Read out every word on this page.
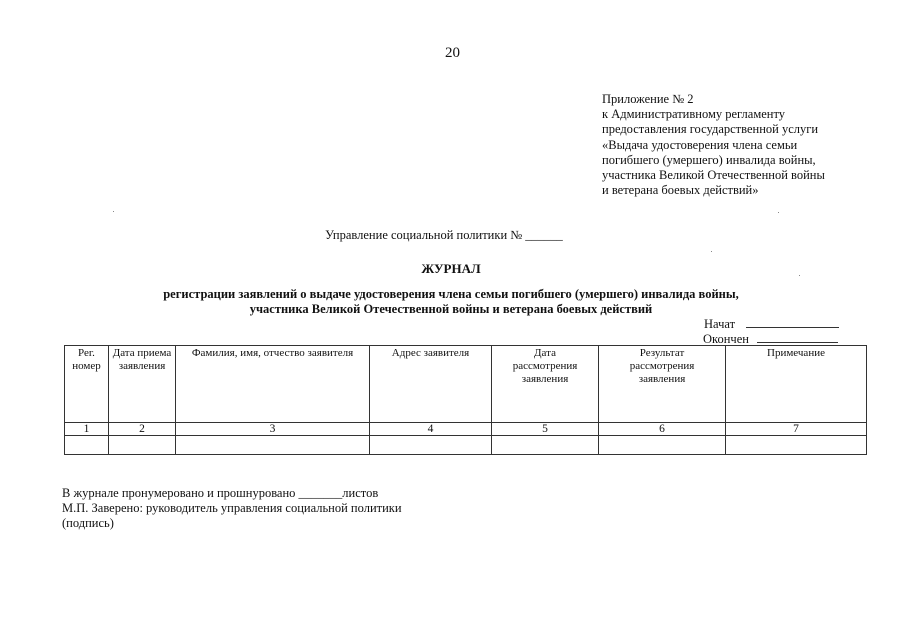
20
Приложение № 2
к Административному регламенту
предоставления государственной услуги
«Выдача удостоверения члена семьи
погибшего (умершего) инвалида войны,
участника Великой Отечественной войны
и ветерана боевых действий»
Управление социальной политики № ______
ЖУРНАЛ
регистрации заявлений о выдаче удостоверения члена семьи погибшего (умершего) инвалида войны,
участника Великой Отечественной войны и ветерана боевых действий
Начат
Окончен
Рег. номер	Дата приема заявления	Фамилия, имя, отчество заявителя	Адрес заявителя	Дата рассмотрения заявления	Результат рассмотрения заявления	Примечание
1	2	3	4	5	6	7

В журнале пронумеровано и прошнуровано _______листов
М.П. Заверено: руководитель управления социальной политики
(подпись)
